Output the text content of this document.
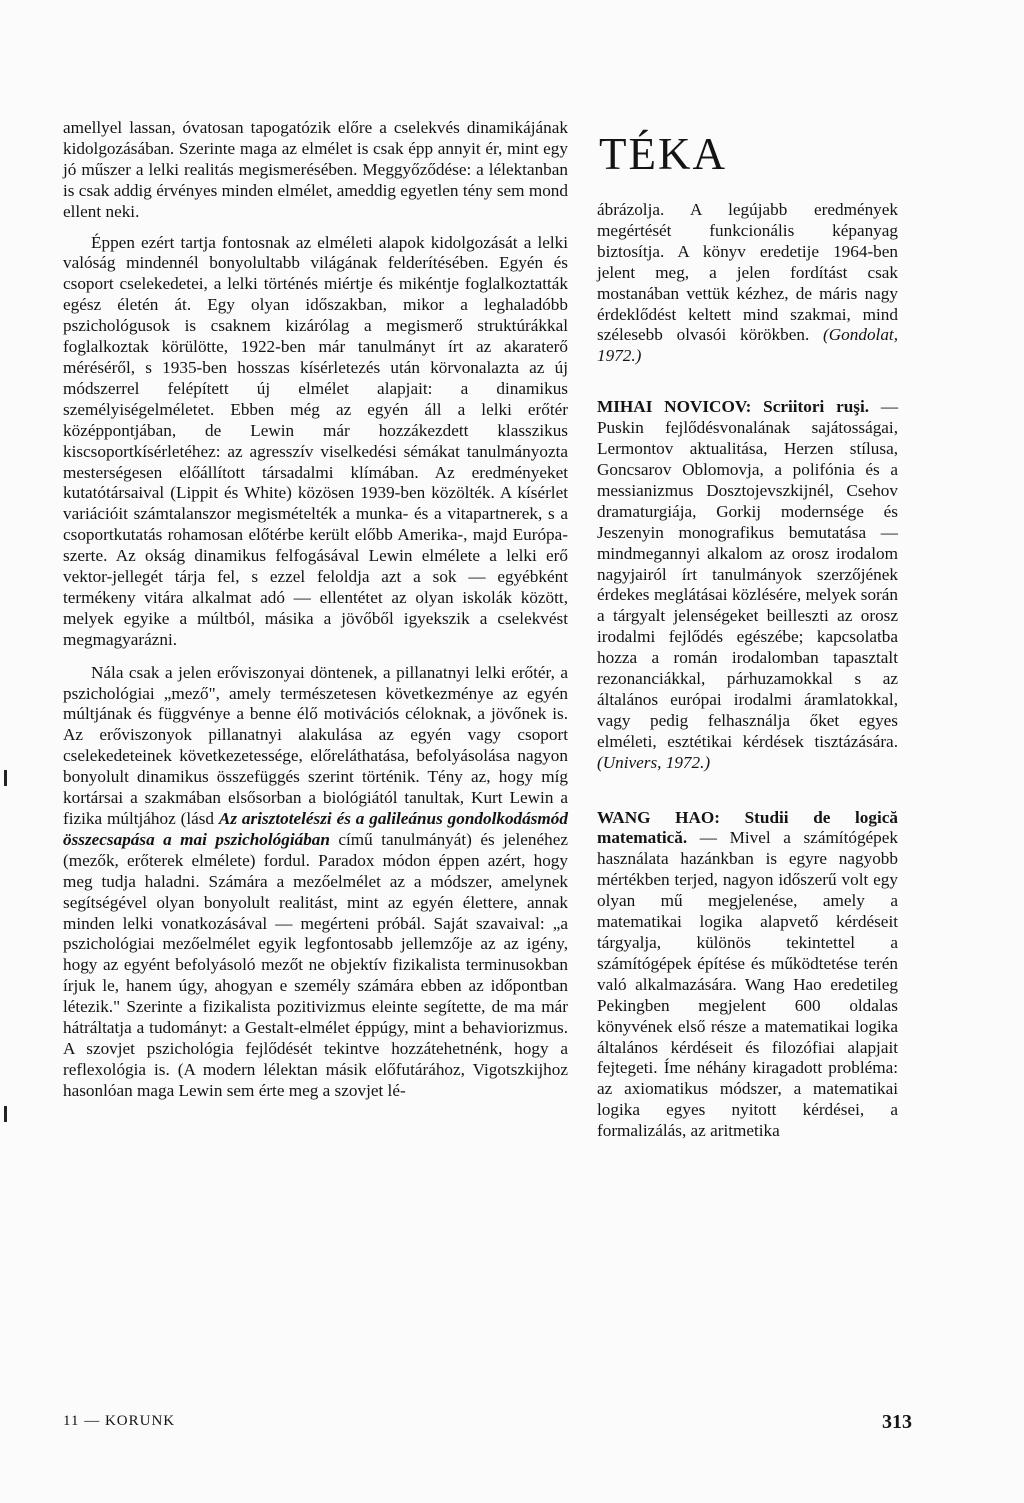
amellyel lassan, óvatosan tapogatózik előre a cselekvés dinamikájának kidolgozásában. Szerinte maga az elmélet is csak épp annyit ér, mint egy jó műszer a lelki realitás megismerésében. Meggyőződése: a lélektanban is csak addig érvényes minden elmélet, ameddig egyetlen tény sem mond ellent neki.

Éppen ezért tartja fontosnak az elméleti alapok kidolgozását a lelki valóság mindennél bonyolultabb világának felderítésében. Egyén és csoport cselekedetei, a lelki történés miértje és mikéntje foglalkoztatták egész életén át. Egy olyan időszakban, mikor a leghaladóbb pszichológusok is csaknem kizárólag a megismerő struktúrákkal foglalkoztak körülötte, 1922-ben már tanulmányt írt az akaraterő méréséről, s 1935-ben hosszas kísérletezés után körvonalazta az új módszerrel felépített új elmélet alapjait: a dinamikus személyiségelméletet. Ebben még az egyén áll a lelki erőtér középpontjában, de Lewin már hozzákezdett klasszikus kiscsoportkísérletéhez: az agresszív viselkedési sémákat tanulmányozta mesterségesen előállított társadalmi klímában. Az eredményeket kutatótársaival (Lippit és White) közösen 1939-ben közölték. A kísérlet variációit számtalanszor megismételték a munka- és a vitapartnerek, s a csoportkutatás rohamosan előtérbe került előbb Amerika-, majd Európa-szerte. Az okság dinamikus felfogásával Lewin elmélete a lelki erő vektor-jellegét tárja fel, s ezzel feloldja azt a sok — egyébként termékeny vitára alkalmat adó — ellentétet az olyan iskolák között, melyek egyike a múltból, másika a jövőből igyekszik a cselekvést megmagyarázni.

Nála csak a jelen erőviszonyai döntenek, a pillanatnyi lelki erőtér, a pszichológiai „mező", amely természetesen következménye az egyén múltjának és függvénye a benne élő motivációs céloknak, a jövőnek is. Az erőviszonyok pillanatnyi alakulása az egyén vagy csoport cselekedeteinek következetessége, előreláthatása, befolyásolása nagyon bonyolult dinamikus összefüggés szerint történik. Tény az, hogy míg kortársai a szakmában elsősorban a biológiától tanultak, Kurt Lewin a fizika múltjához (lásd Az arisztotelészi és a galileánus gondolkodásmód összecsapása a mai pszichológiában című tanulmányát) és jelenéhez (mezők, erőterek elmélete) fordul. Paradox módon éppen azért, hogy meg tudja haladni. Számára a mezőelmélet az a módszer, amelynek segítségével olyan bonyolult realitást, mint az egyén élettere, annak minden lelki vonatkozásával — megérteni próbál. Saját szavaival: „a pszichológiai mezőelmélet egyik legfontosabb jellemzője az az igény, hogy az egyént befolyásoló mezőt ne objektív fizikalista terminusokban írjuk le, hanem úgy, ahogyan e személy számára ebben az időpontban létezik." Szerinte a fizikalista pozitivizmus eleinte segítette, de ma már hátráltatja a tudományt: a Gestalt-elmélet éppúgy, mint a behaviorizmus. A szovjet pszichológia fejlődését tekintve hozzátehetnénk, hogy a reflexológia is. (A modern lélektan másik előfutárához, Vigotszkijhoz hasonlóan maga Lewin sem érte meg a szovjet lé-

TÉKA

ábrázolja. A legújabb eredmények megértését funkcionális képanyag biztosítja. A könyv eredetije 1964-ben jelent meg, a jelen fordítást csak mostanában vettük kézhez, de máris nagy érdeklődést keltett mind szakmai, mind szélesebb olvasói körökben. (Gondolat, 1972.)

MIHAI NOVICOV: Scriitori ruşi. — Puskin fejlődésvonalának sajátosságai, Lermontov aktualitása, Herzen stílusa, Goncsarov Oblomovja, a polifónia és a messianizmus Dosztojevszkijnél, Csehov dramaturgiája, Gorkij modernsége és Jeszenyin monografikus bemutatása — mindmegannyi alkalom az orosz irodalom nagyjairól írt tanulmányok szerzőjének érdekes meglátásai közlésére, melyek során a tárgyalt jelenségeket beilleszti az orosz irodalmi fejlődés egészébe; kapcsolatba hozza a román irodalomban tapasztalt rezonanciákkal, párhuzamokkal s az általános európai irodalmi áramlatokkal, vagy pedig felhasználja őket egyes elméleti, esztétikai kérdések tisztázására. (Univers, 1972.)

WANG HAO: Studii de logică matematică. — Mivel a számítógépek használata hazánkban is egyre nagyobb mértékben terjed, nagyon időszerű volt egy olyan mű megjelenése, amely a matematikai logika alapvető kérdéseit tárgyalja, különös tekintettel a számítógépek építése és működtetése terén való alkalmazására. Wang Hao eredetileg Pekingben megjelent 600 oldalas könyvének első része a matematikai logika általános kérdéseit és filozófiai alapjait fejtegeti. Íme néhány kiragadott probléma: az axiomatikus módszer, a matematikai logika egyes nyitott kérdései, a formalizálás, az aritmetika

11 — KORUNK	313
